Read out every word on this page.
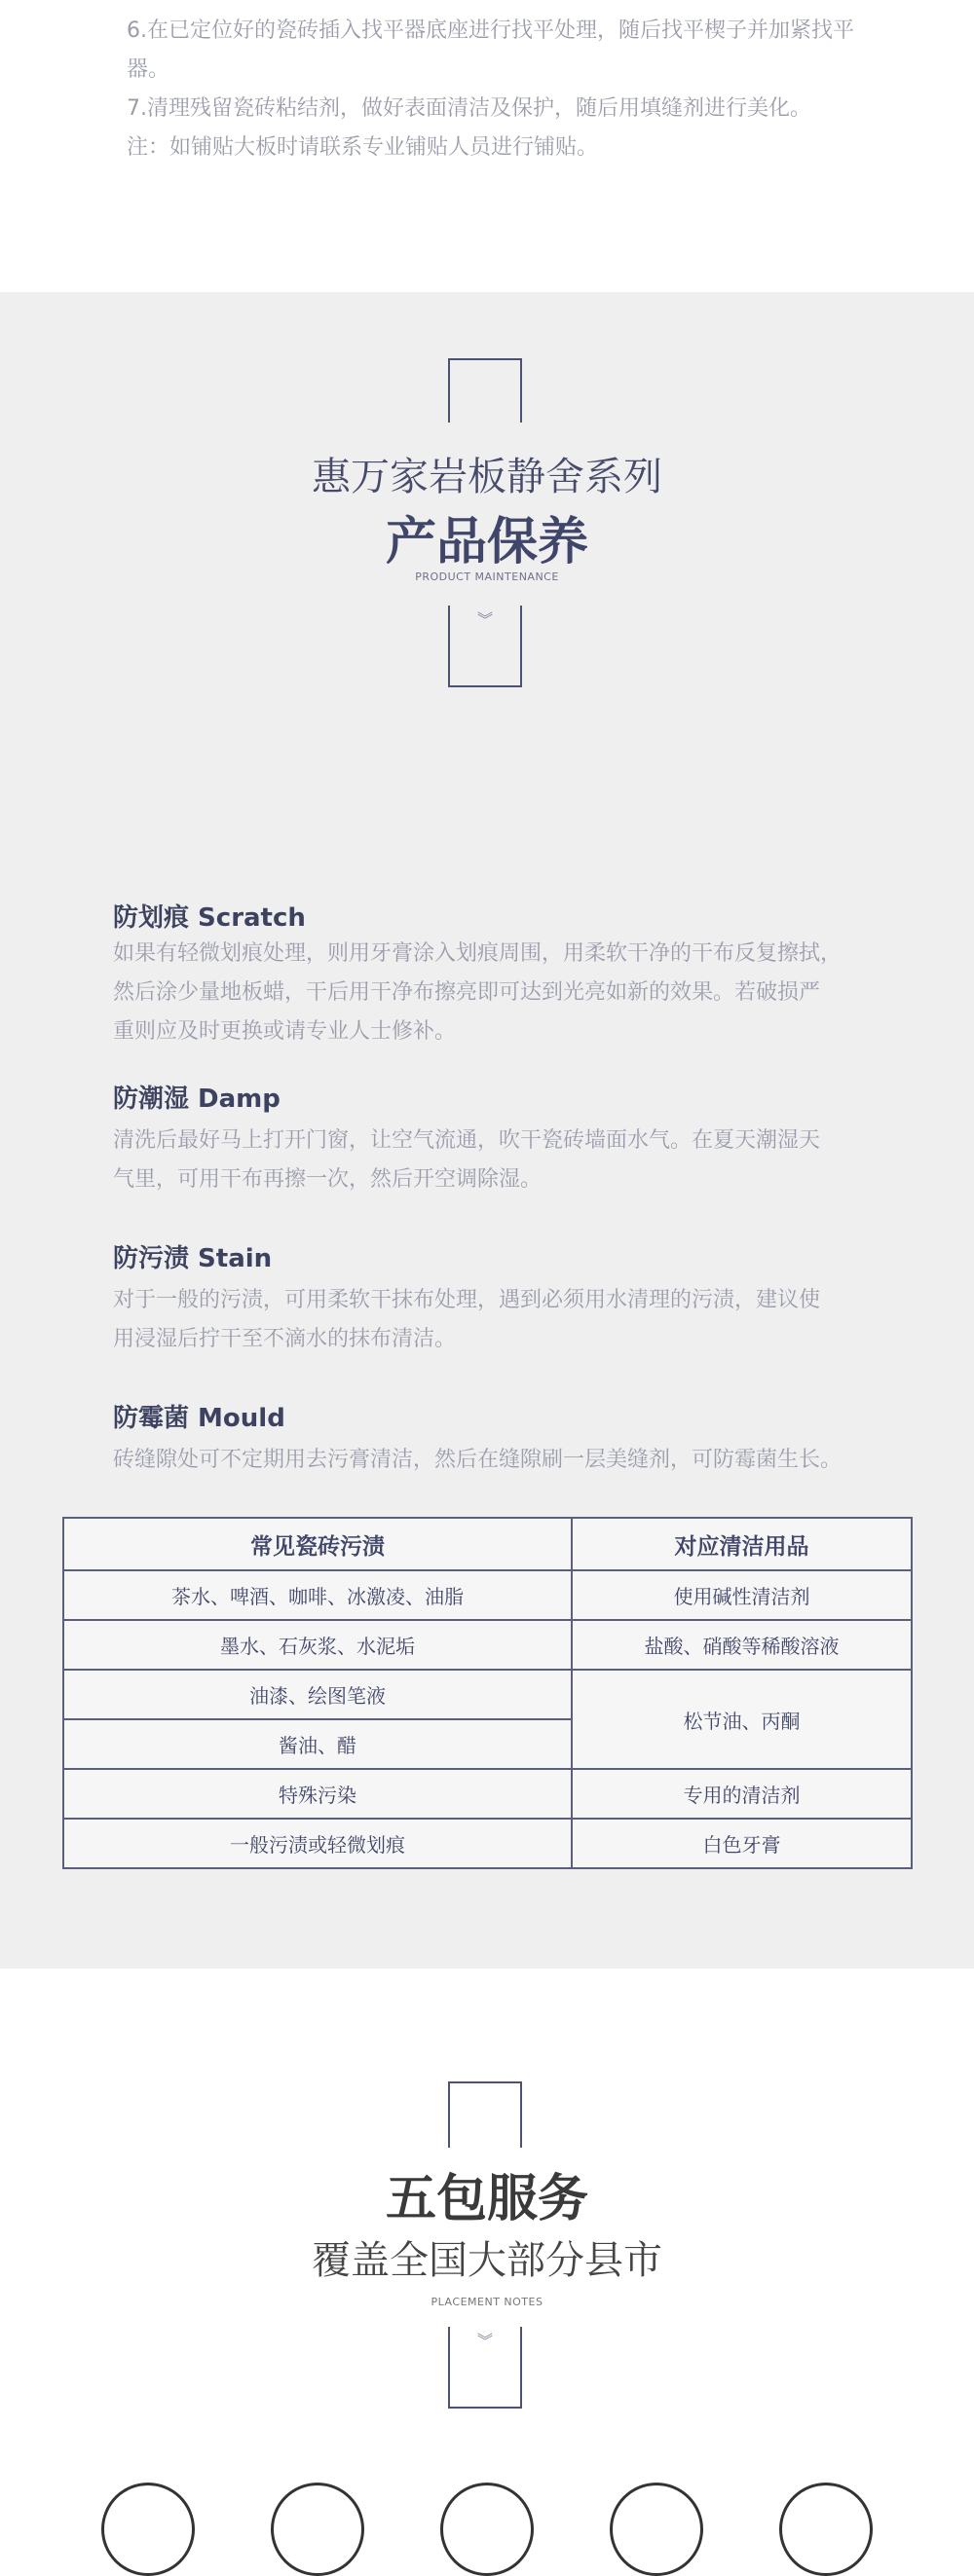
6.在已定位好的瓷砖插入找平器底座进行找平处理，随后找平楔子并加紧找平
器。
7.清理残留瓷砖粘结剂，做好表面清洁及保护，随后用填缝剂进行美化。
注：如铺贴大板时请联系专业铺贴人员进行铺贴。
惠万家岩板静舍系列
产品保养
PRODUCT MAINTENANCE
︾
防划痕 Scratch
如果有轻微划痕处理，则用牙膏涂入划痕周围，用柔软干净的干布反复擦拭，
然后涂少量地板蜡，干后用干净布擦亮即可达到光亮如新的效果。若破损严
重则应及时更换或请专业人士修补。
防潮湿 Damp
清洗后最好马上打开门窗，让空气流通，吹干瓷砖墙面水气。在夏天潮湿天
气里，可用干布再擦一次，然后开空调除湿。
防污渍 Stain
对于一般的污渍，可用柔软干抹布处理，遇到必须用水清理的污渍，建议使
用浸湿后拧干至不滴水的抹布清洁。
防霉菌 Mould
砖缝隙处可不定期用去污膏清洁，然后在缝隙刷一层美缝剂，可防霉菌生长。
常见瓷砖污渍	对应清洁用品
茶水、啤酒、咖啡、冰激凌、油脂	使用碱性清洁剂
墨水、石灰浆、水泥垢	盐酸、硝酸等稀酸溶液
油漆、绘图笔液	松节油、丙酮
酱油、醋	
特殊污染	专用的清洁剂
一般污渍或轻微划痕	白色牙膏
五包服务
覆盖全国大部分县市
PLACEMENT NOTES
︾
